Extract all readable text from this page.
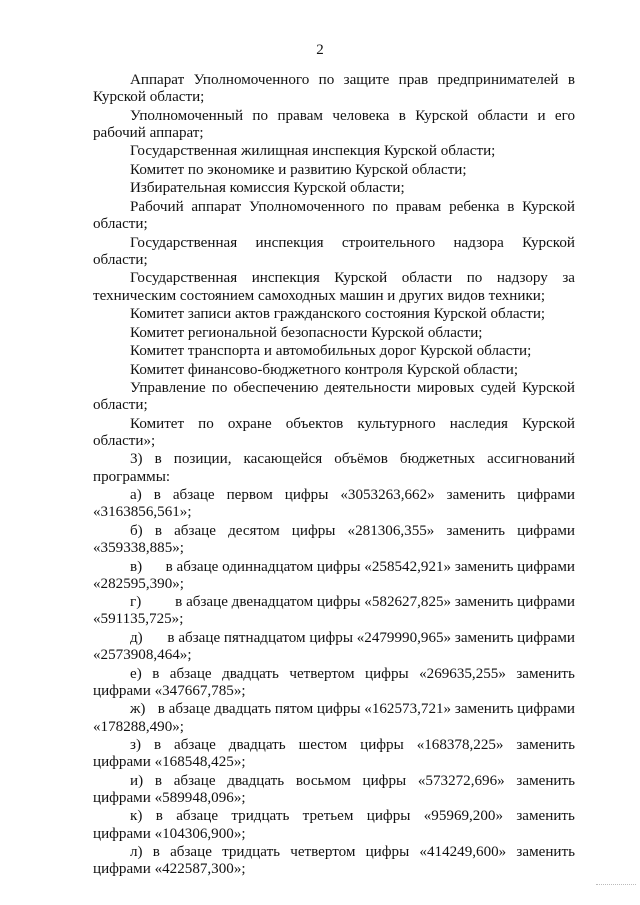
2

Аппарат Уполномоченного по защите прав предпринимателей в Курской области;

Уполномоченный по правам человека в Курской области и его рабочий аппарат;

Государственная жилищная инспекция Курской области;

Комитет по экономике и развитию Курской области;

Избирательная комиссия Курской области;

Рабочий аппарат Уполномоченного по правам ребенка в Курской области;

Государственная инспекция строительного надзора Курской области;

Государственная инспекция Курской области по надзору за техническим состоянием самоходных машин и других видов техники;

Комитет записи актов гражданского состояния Курской области;

Комитет региональной безопасности Курской области;

Комитет транспорта и автомобильных дорог Курской области;

Комитет финансово-бюджетного контроля Курской области;

Управление по обеспечению деятельности мировых судей Курской области;

Комитет по охране объектов культурного наследия Курской области»;

3) в позиции, касающейся объёмов бюджетных ассигнований программы:

а) в абзаце первом цифры «3053263,662» заменить цифрами
«3163856,561»;
б) в абзаце десятом цифры «281306,355» заменить цифрами
«359338,885»;
в) в абзаце одиннадцатом цифры «258542,921» заменить цифрами
«282595,390»;
г) в абзаце двенадцатом цифры «582627,825» заменить цифрами
«591135,725»;
д) в абзаце пятнадцатом цифры «2479990,965» заменить цифрами
«2573908,464»;
е) в абзаце двадцать четвертом цифры «269635,255» заменить
цифрами «347667,785»;
ж) в абзаце двадцать пятом цифры «162573,721» заменить цифрами
«178288,490»;
з) в абзаце двадцать шестом цифры «168378,225» заменить
цифрами «168548,425»;
и) в абзаце двадцать восьмом цифры «573272,696» заменить
цифрами «589948,096»;
к) в абзаце тридцать третьем цифры «95969,200» заменить
цифрами «104306,900»;
л) в абзаце тридцать четвертом цифры «414249,600» заменить
цифрами «422587,300»;
